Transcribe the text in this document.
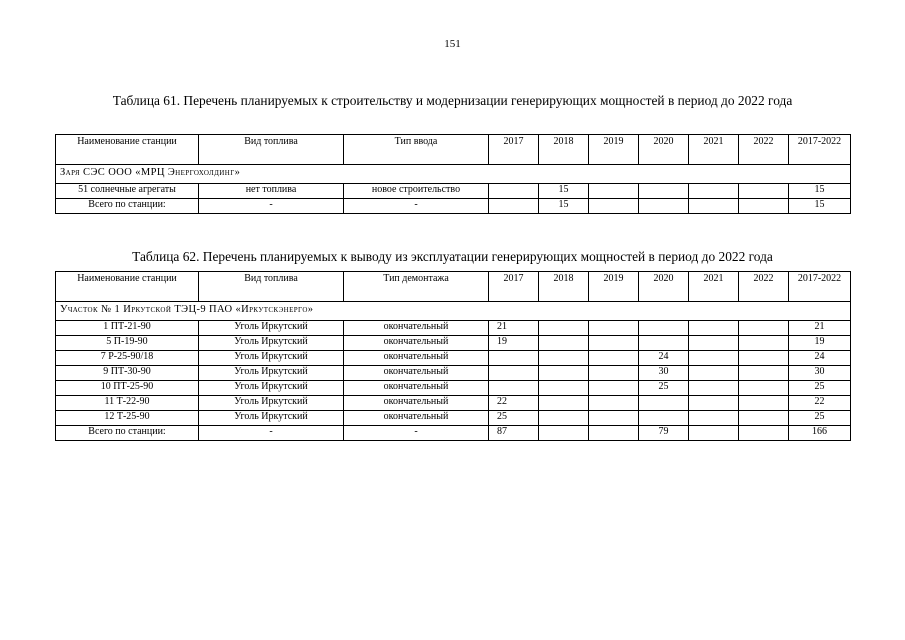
151
Таблица 61. Перечень планируемых к строительству и модернизации генерирующих мощностей в период до 2022 года
Наименование станции	Вид топлива	Тип ввода	2017	2018	2019	2020	2021	2022	2017-2022
Заря СЭС ООО «МРЦ Энергохолдинг»									
51 солнечные агрегаты	нет топлива	новое строительство		15					15
Всего по станции:	-	-		15					15
Таблица 62. Перечень планируемых к выводу из эксплуатации генерирующих мощностей в период до 2022 года
Наименование станции	Вид топлива	Тип демонтажа	2017	2018	2019	2020	2021	2022	2017-2022
Участок № 1 Иркутской ТЭЦ-9 ПАО «Иркутскэнерго»									
1 ПТ-21-90	Уголь Иркутский	окончательный	21						21
5 П-19-90	Уголь Иркутский	окончательный	19						19
7 Р-25-90/18	Уголь Иркутский	окончательный				24			24
9 ПТ-30-90	Уголь Иркутский	окончательный				30			30
10 ПТ-25-90	Уголь Иркутский	окончательный				25			25
11 Т-22-90	Уголь Иркутский	окончательный	22						22
12 Т-25-90	Уголь Иркутский	окончательный	25						25
Всего по станции:	-	-	87			79			166
